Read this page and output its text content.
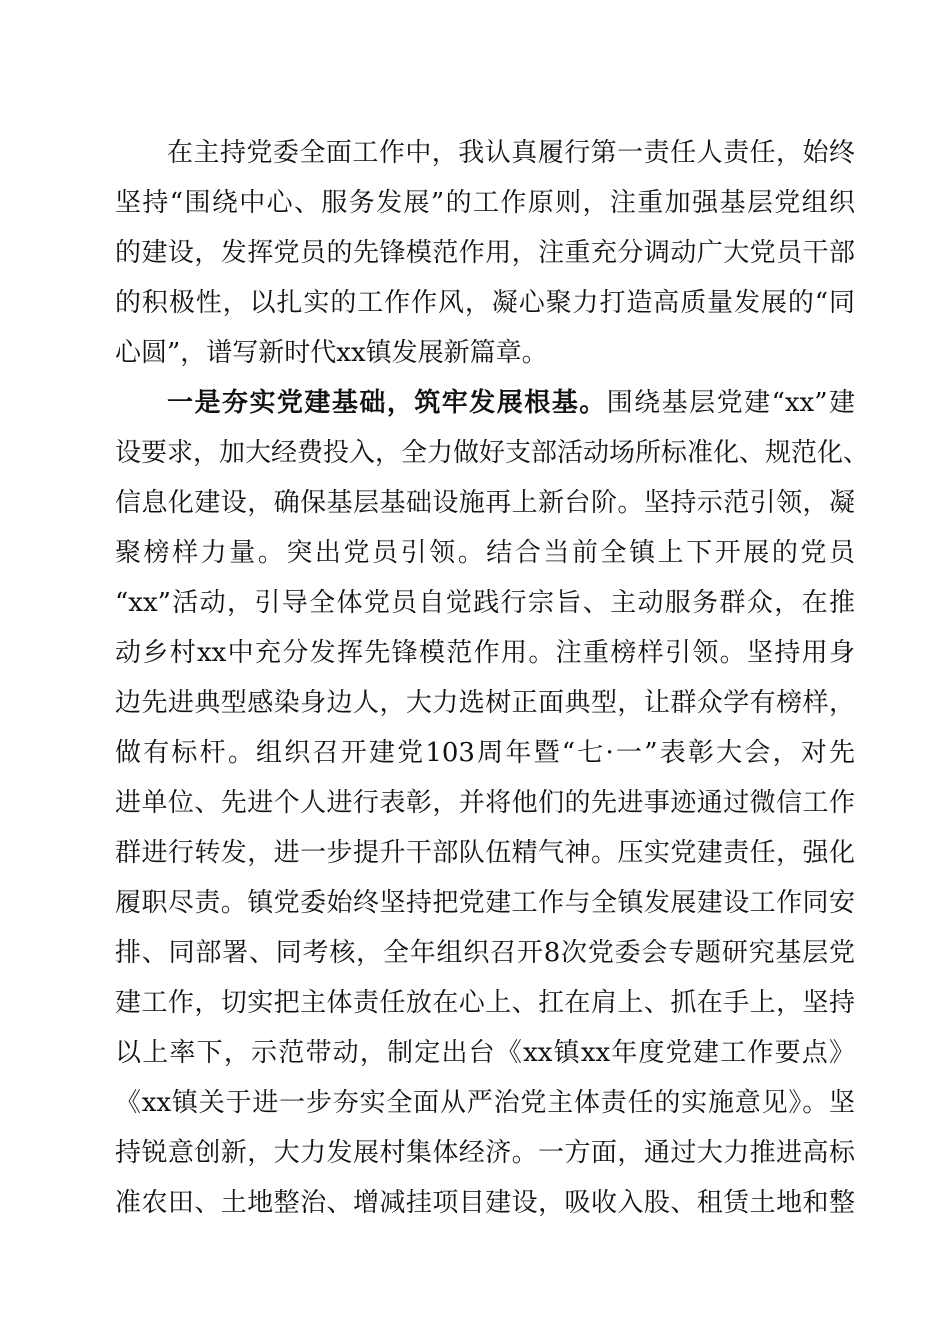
在主持党委全面工作中，我认真履行第一责任人责任，始终
坚持“围绕中心、服务发展”的工作原则，注重加强基层党组织
的建设，发挥党员的先锋模范作用，注重充分调动广大党员干部
的积极性，以扎实的工作作风，凝心聚力打造高质量发展的“同
心圆”，谱写新时代xx镇发展新篇章。
一是夯实党建基础，筑牢发展根基。围绕基层党建“xx”建
设要求，加大经费投入，全力做好支部活动场所标准化、规范化、
信息化建设，确保基层基础设施再上新台阶。坚持示范引领，凝
聚榜样力量。突出党员引领。结合当前全镇上下开展的党员
“xx”活动，引导全体党员自觉践行宗旨、主动服务群众，在推
动乡村xx中充分发挥先锋模范作用。注重榜样引领。坚持用身
边先进典型感染身边人，大力选树正面典型，让群众学有榜样，
做有标杆。组织召开建党103周年暨“七·一”表彰大会，对先
进单位、先进个人进行表彰，并将他们的先进事迹通过微信工作
群进行转发，进一步提升干部队伍精气神。压实党建责任，强化
履职尽责。镇党委始终坚持把党建工作与全镇发展建设工作同安
排、同部署、同考核，全年组织召开8次党委会专题研究基层党
建工作，切实把主体责任放在心上、扛在肩上、抓在手上，坚持
以上率下，示范带动，制定出台《xx镇xx年度党建工作要点》
《xx镇关于进一步夯实全面从严治党主体责任的实施意见》。坚
持锐意创新，大力发展村集体经济。一方面，通过大力推进高标
准农田、土地整治、增减挂项目建设，吸收入股、租赁土地和整
